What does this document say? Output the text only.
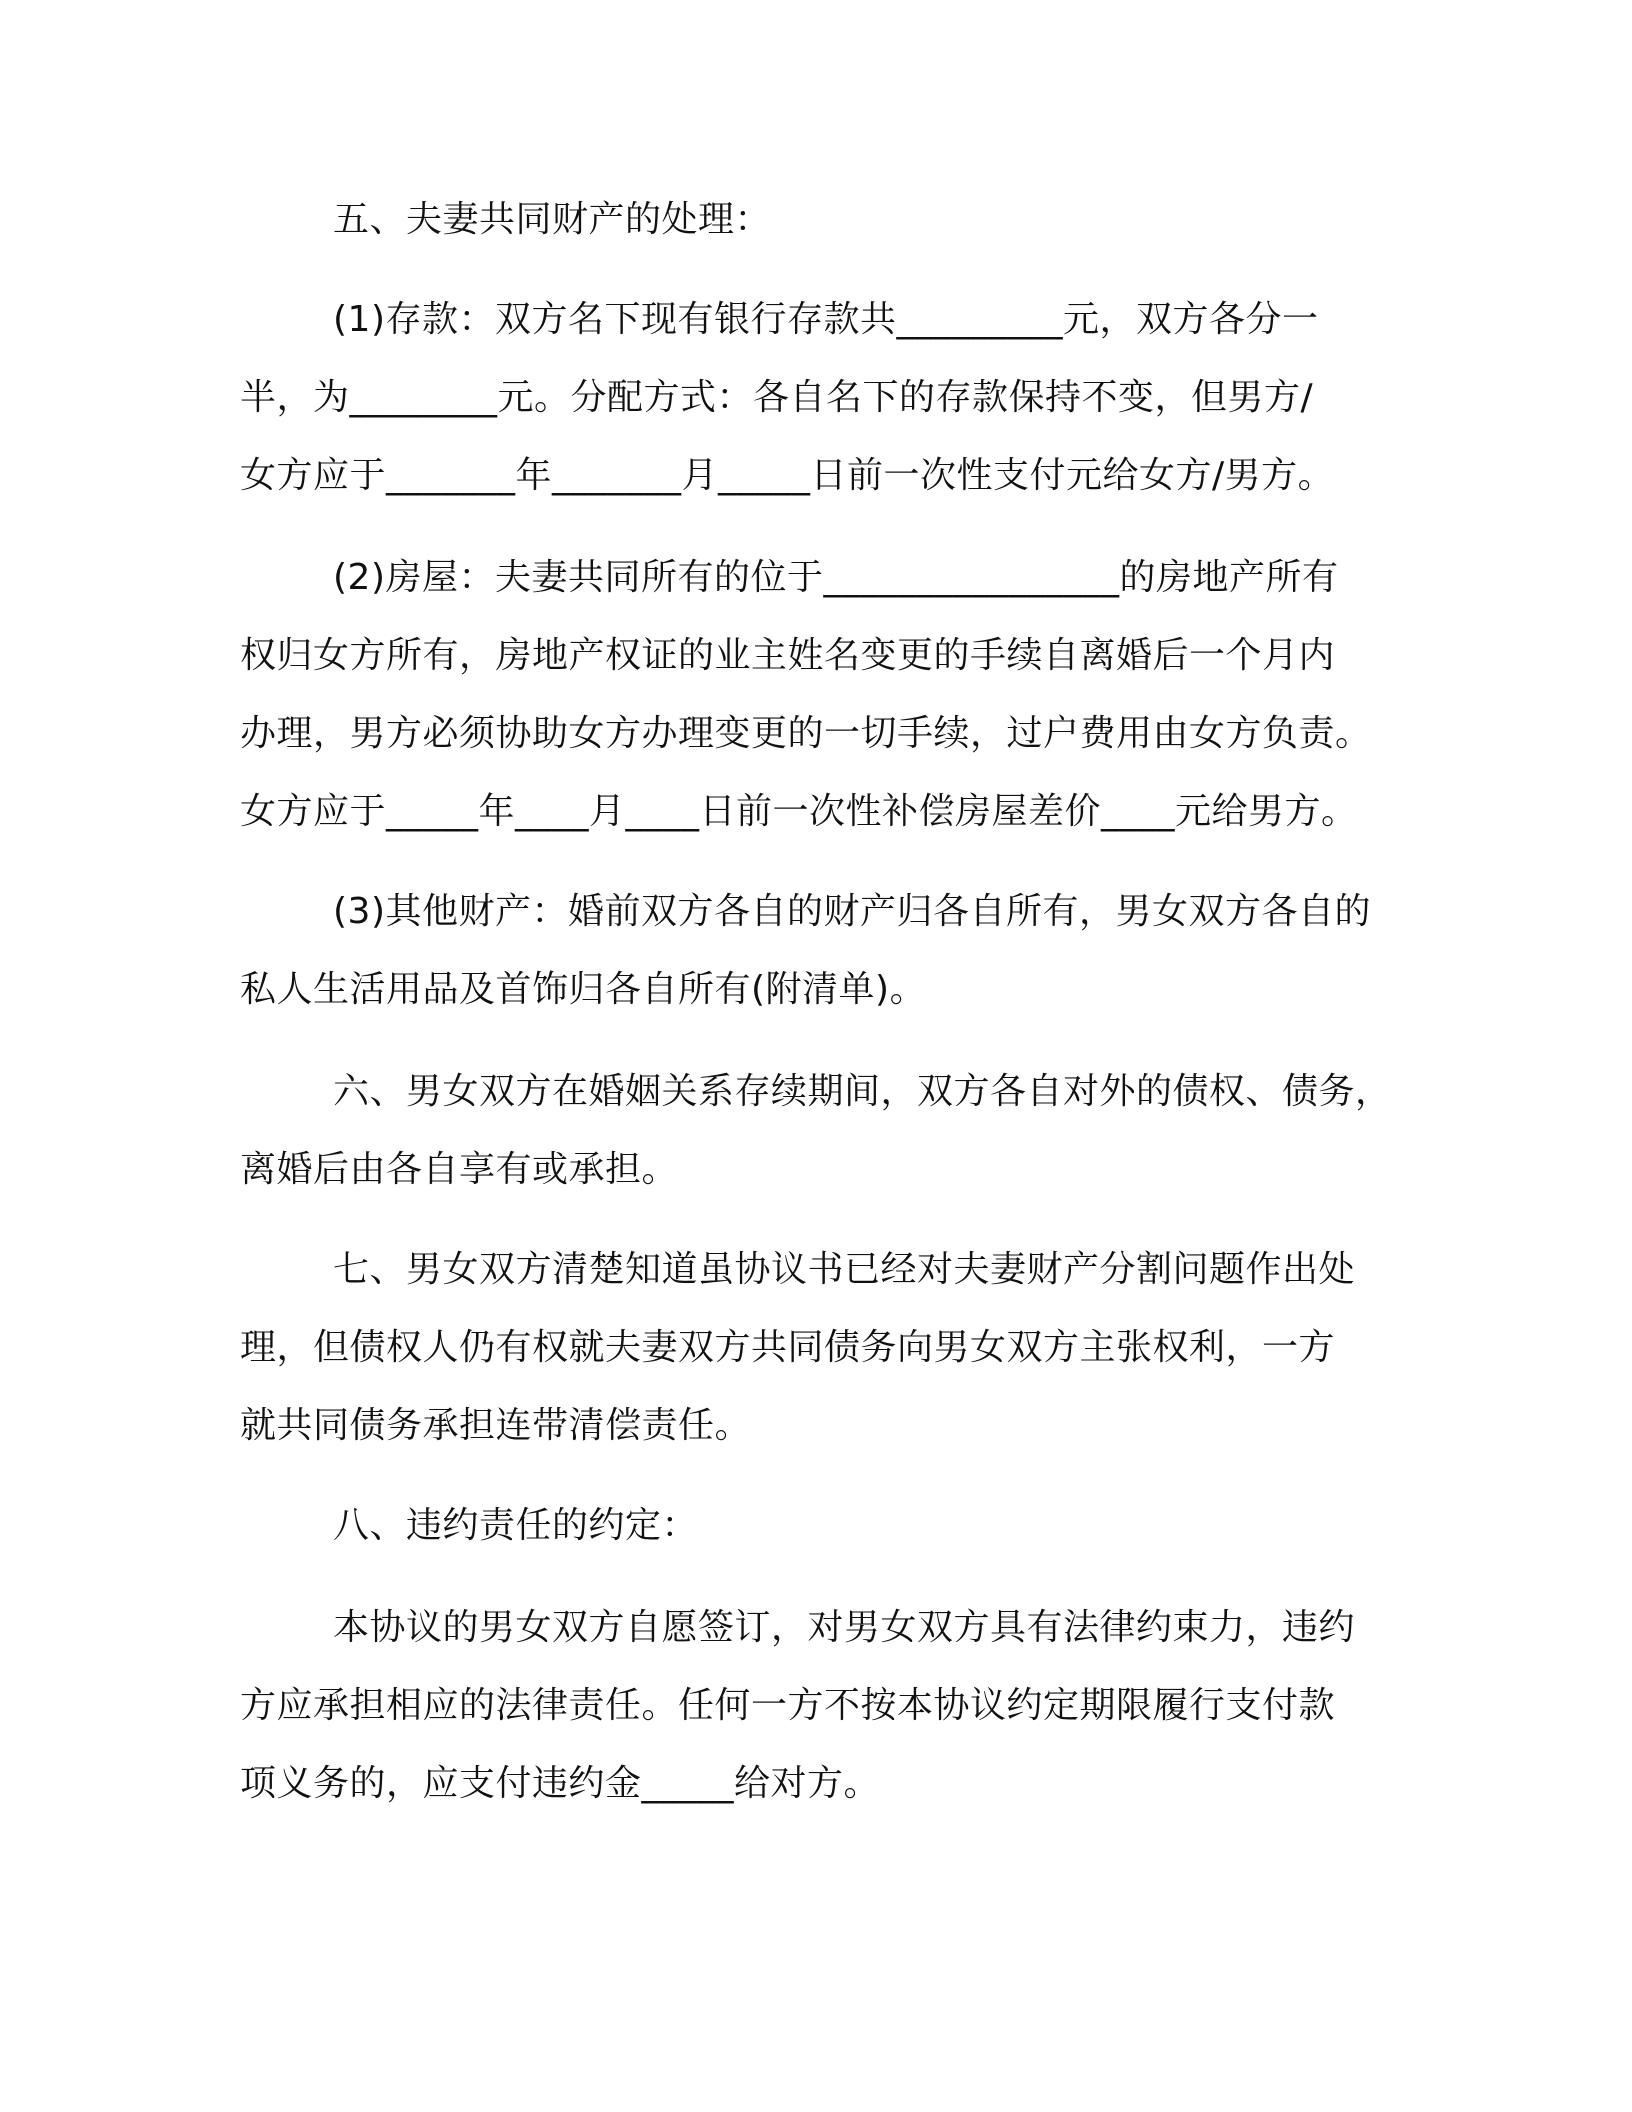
五、夫妻共同财产的处理：

(1)存款：双方名下现有银行存款共_________元，双方各分一

半，为________元。分配方式：各自名下的存款保持不变，但男方/

女方应于_______年_______月_____日前一次性支付元给女方/男方。

(2)房屋：夫妻共同所有的位于________________的房地产所有

权归女方所有，房地产权证的业主姓名变更的手续自离婚后一个月内

办理，男方必须协助女方办理变更的一切手续，过户费用由女方负责。

女方应于_____年____月____日前一次性补偿房屋差价____元给男方。

(3)其他财产：婚前双方各自的财产归各自所有，男女双方各自的

私人生活用品及首饰归各自所有(附清单)。

六、男女双方在婚姻关系存续期间，双方各自对外的债权、债务，

离婚后由各自享有或承担。

七、男女双方清楚知道虽协议书已经对夫妻财产分割问题作出处

理，但债权人仍有权就夫妻双方共同债务向男女双方主张权利，一方

就共同债务承担连带清偿责任。

八、违约责任的约定：

本协议的男女双方自愿签订，对男女双方具有法律约束力，违约

方应承担相应的法律责任。任何一方不按本协议约定期限履行支付款

项义务的，应支付违约金_____给对方。
